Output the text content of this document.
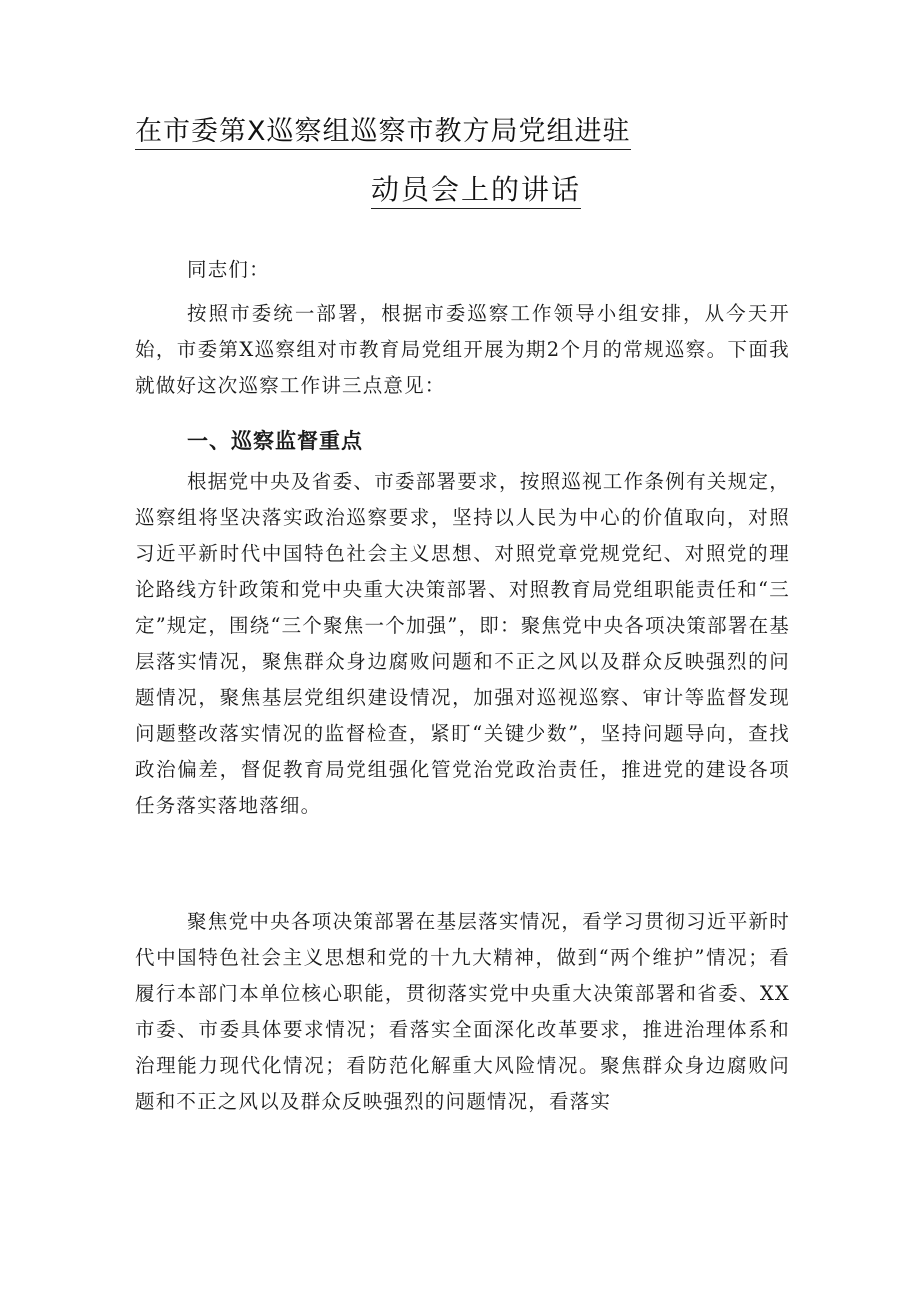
在市委第X巡察组巡察市教方局党组进驻
动员会上的讲话
同志们：
按照市委统一部署，根据市委巡察工作领导小组安排，从今天开始，市委第X巡察组对市教育局党组开展为期2个月的常规巡察。下面我就做好这次巡察工作讲三点意见：
一、巡察监督重点
根据党中央及省委、市委部署要求，按照巡视工作条例有关规定，巡察组将坚决落实政治巡察要求，坚持以人民为中心的价值取向，对照习近平新时代中国特色社会主义思想、对照党章党规党纪、对照党的理论路线方针政策和党中央重大决策部署、对照教育局党组职能责任和“三定”规定，围绕“三个聚焦一个加强”，即：聚焦党中央各项决策部署在基层落实情况，聚焦群众身边腐败问题和不正之风以及群众反映强烈的问题情况，聚焦基层党组织建设情况，加强对巡视巡察、审计等监督发现问题整改落实情况的监督检查，紧盯“关键少数”，坚持问题导向，查找政治偏差，督促教育局党组强化管党治党政治责任，推进党的建设各项任务落实落地落细。
聚焦党中央各项决策部署在基层落实情况，看学习贯彻习近平新时代中国特色社会主义思想和党的十九大精神，做到“两个维护”情况；看履行本部门本单位核心职能，贯彻落实党中央重大决策部署和省委、XX市委、市委具体要求情况；看落实全面深化改革要求，推进治理体系和治理能力现代化情况；看防范化解重大风险情况。聚焦群众身边腐败问题和不正之风以及群众反映强烈的问题情况，看落实
